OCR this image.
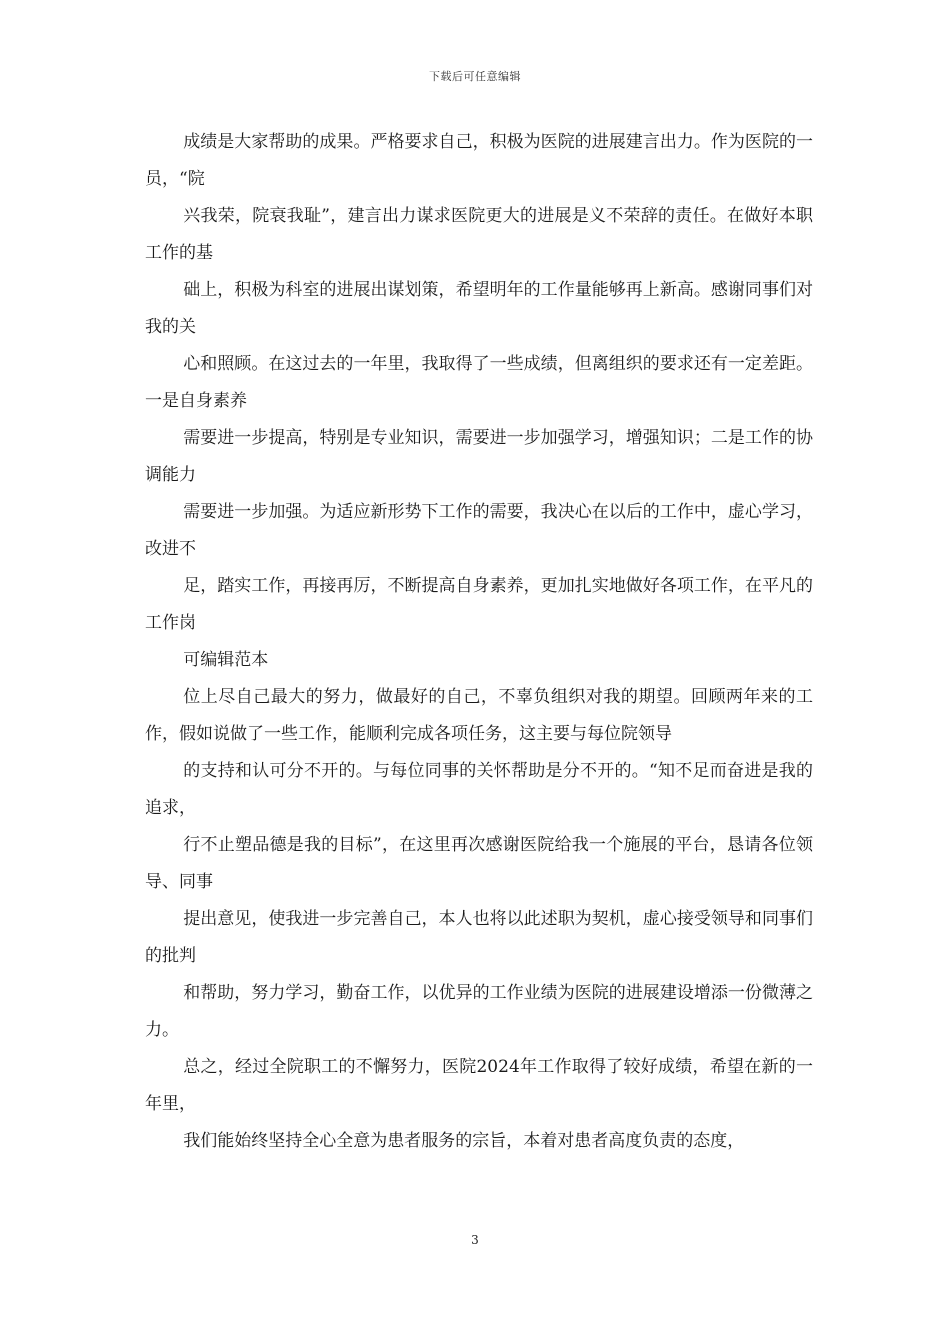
下载后可任意编辑

成绩是大家帮助的成果。严格要求自己，积极为医院的进展建言出力。作为医院的一员，“院

兴我荣，院衰我耻”，建言出力谋求医院更大的进展是义不荣辞的责任。在做好本职工作的基

础上，积极为科室的进展出谋划策，希望明年的工作量能够再上新高。感谢同事们对我的关

心和照顾。在这过去的一年里，我取得了一些成绩，但离组织的要求还有一定差距。一是自身素养

需要进一步提高，特别是专业知识，需要进一步加强学习，增强知识；二是工作的协调能力

需要进一步加强。为适应新形势下工作的需要，我决心在以后的工作中，虚心学习，改进不

足，踏实工作，再接再厉，不断提高自身素养，更加扎实地做好各项工作，在平凡的工作岗

可编辑范本

位上尽自己最大的努力，做最好的自己，不辜负组织对我的期望。回顾两年来的工作，假如说做了一些工作，能顺利完成各项任务，这主要与每位院领导

的支持和认可分不开的。与每位同事的关怀帮助是分不开的。“知不足而奋进是我的追求，

行不止塑品德是我的目标”，在这里再次感谢医院给我一个施展的平台，恳请各位领导、同事

提出意见，使我进一步完善自己，本人也将以此述职为契机，虚心接受领导和同事们的批判

和帮助，努力学习，勤奋工作，以优异的工作业绩为医院的进展建设增添一份微薄之力。

总之，经过全院职工的不懈努力，医院2024年工作取得了较好成绩，希望在新的一年里，

我们能始终坚持全心全意为患者服务的宗旨，本着对患者高度负责的态度，

3
